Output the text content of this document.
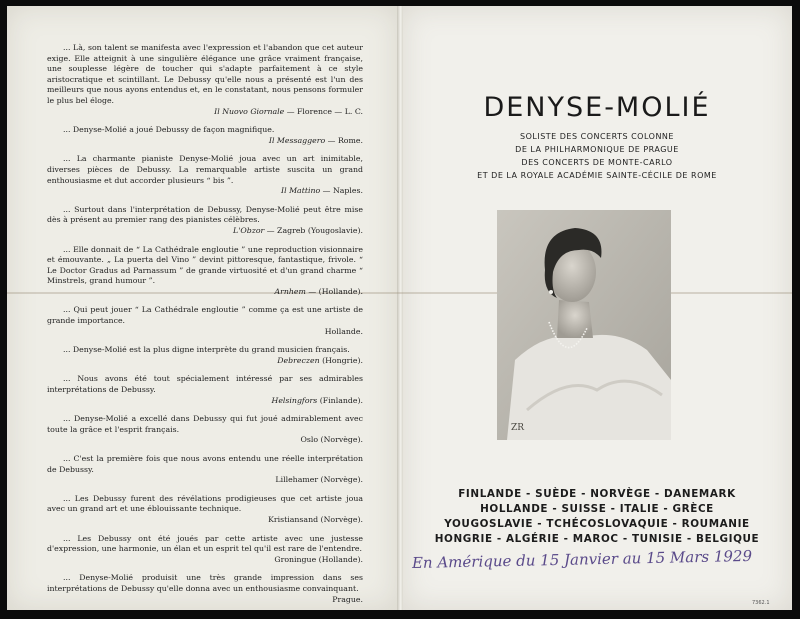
... Là, son talent se manifesta avec l'expression et l'abandon que cet auteur exige. Elle atteignit à une singulière élégance une grâce vraiment française, une souplesse légère de toucher qui s'adapte parfaitement à ce style aristocratique et scintillant. Le Debussy qu'elle nous a présenté est l'un des meilleurs que nous ayons entendus et, en le constatant, nous pensons formuler le plus bel éloge.

Il Nuovo Giornale — Florence — L. C.

... Denyse-Molié a joué Debussy de façon magnifique.

Il Messaggero — Rome.

... La charmante pianiste Denyse-Molié joua avec un art inimitable, diverses pièces de Debussy. La remarquable artiste suscita un grand enthousiasme et dut accorder plusieurs “ bis ”.

Il Mattino — Naples.

... Surtout dans l'interprétation de Debussy, Denyse-Molié peut être mise dès à présent au premier rang des pianistes célèbres.

L'Obzor — Zagreb (Yougoslavie).

... Elle donnait de “ La Cathédrale engloutie ” une reproduction visionnaire et émouvante. „ La puerta del Vino ” devint pittoresque, fantastique, frivole. “ Le Doctor Gradus ad Parnassum ” de grande virtuosité et d'un grand charme “ Minstrels, grand humour ”.

Arnhem — (Hollande).

... Qui peut jouer “ La Cathédrale engloutie ” comme ça est une artiste de grande importance.

Hollande.

... Denyse-Molié est la plus digne interprète du grand musicien français.

Debreczen (Hongrie).

... Nous avons été tout spécialement intéressé par ses admirables interprétations de Debussy.

Helsingfors (Finlande).

... Denyse-Molié a excellé dans Debussy qui fut joué admirablement avec toute la grâce et l'esprit français.

Oslo (Norvège).

... C'est la première fois que nous avons entendu une réelle interprétation de Debussy.

Lillehamer (Norvège).

... Les Debussy furent des révélations prodigieuses que cet artiste joua avec un grand art et une éblouissante technique.

Kristiansand (Norvège).

... Les Debussy ont été joués par cette artiste avec une justesse d'expression, une harmonie, un élan et un esprit tel qu'il est rare de l'entendre.

Groningue (Hollande).

... Denyse-Molié produisit une très grande impression dans ses interprétations de Debussy qu'elle donna avec un enthousiasme convainquant.

Prague.

DENYSE-MOLIÉ
SOLISTE DES CONCERTS COLONNE
DE LA PHILHARMONIQUE DE PRAGUE
DES CONCERTS DE MONTE-CARLO
ET DE LA ROYALE ACADÉMIE SAINTE-CÉCILE DE ROME
ZR
FINLANDE - SUÈDE - NORVÈGE - DANEMARK
HOLLANDE - SUISSE - ITALIE - GRÈCE
YOUGOSLAVIE - TCHÉCOSLOVAQUIE - ROUMANIE
HONGRIE - ALGÉRIE - MAROC - TUNISIE - BELGIQUE
En Amérique du 15 Janvier au 15 Mars 1929
7362.1
